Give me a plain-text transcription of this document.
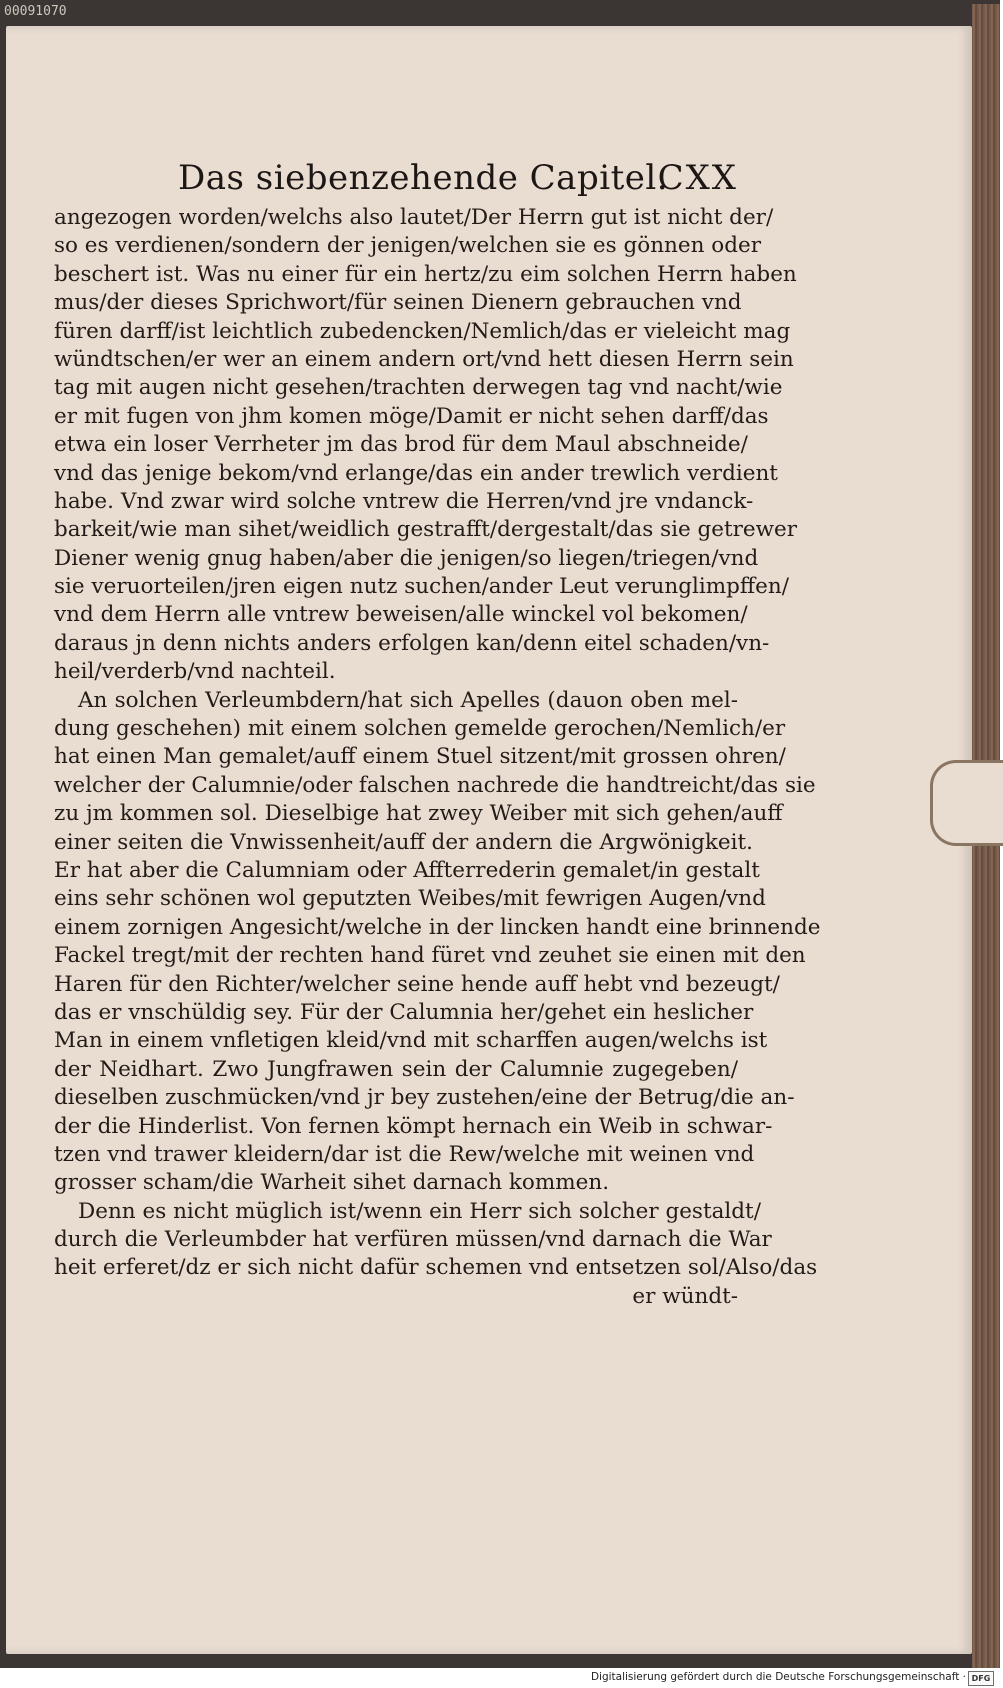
Das siebenzehende Capitel.
CXX
angezogen worden/welchs also lautet/Der Herrn gut ist nicht der/
so es verdienen/sondern der jenigen/welchen sie es gönnen oder
beschert ist. Was nu einer für ein hertz/zu eim solchen Herrn haben
mus/der dieses Sprichwort/für seinen Dienern gebrauchen vnd
füren darff/ist leichtlich zubedencken/Nemlich/das er vieleicht mag
wündtschen/er wer an einem andern ort/vnd hett diesen Herrn sein
tag mit augen nicht gesehen/trachten derwegen tag vnd nacht/wie
er mit fugen von jhm komen möge/Damit er nicht sehen darff/das
etwa ein loser Verrheter jm das brod für dem Maul abschneide/
vnd das jenige bekom/vnd erlange/das ein ander trewlich verdient
habe. Vnd zwar wird solche vntrew die Herren/vnd jre vndanck-
barkeit/wie man sihet/weidlich gestrafft/dergestalt/das sie getrewer
Diener wenig gnug haben/aber die jenigen/so liegen/triegen/vnd
sie veruorteilen/jren eigen nutz suchen/ander Leut verunglimpffen/
vnd dem Herrn alle vntrew beweisen/alle winckel vol bekomen/
daraus jn denn nichts anders erfolgen kan/denn eitel schaden/vn-
heil/verderb/vnd nachteil.
An solchen Verleumbdern/hat sich Apelles (dauon oben mel-
dung geschehen) mit einem solchen gemelde gerochen/Nemlich/er
hat einen Man gemalet/auff einem Stuel sitzent/mit grossen ohren/
welcher der Calumnie/oder falschen nachrede die handtreicht/das sie
zu jm kommen sol. Dieselbige hat zwey Weiber mit sich gehen/auff
einer seiten die Vnwissenheit/auff der andern die Argwönigkeit.
Er hat aber die Calumniam oder Affterrederin gemalet/in gestalt
eins sehr schönen wol geputzten Weibes/mit fewrigen Augen/vnd
einem zornigen Angesicht/welche in der lincken handt eine brinnende
Fackel tregt/mit der rechten hand füret vnd zeuhet sie einen mit den
Haren für den Richter/welcher seine hende auff hebt vnd bezeugt/
das er vnschüldig sey. Für der Calumnia her/gehet ein heslicher
Man in einem vnfletigen kleid/vnd mit scharffen augen/welchs ist
der Neidhart. Zwo Jungfrawen sein der Calumnie zugegeben/
dieselben zuschmücken/vnd jr bey zustehen/eine der Betrug/die an-
der die Hinderlist. Von fernen kömpt hernach ein Weib in schwar-
tzen vnd trawer kleidern/dar ist die Rew/welche mit weinen vnd
grosser scham/die Warheit sihet darnach kommen.
Denn es nicht müglich ist/wenn ein Herr sich solcher gestaldt/
durch die Verleumbder hat verfüren müssen/vnd darnach die War
heit erferet/dz er sich nicht dafür schemen vnd entsetzen sol/Also/das
er wündt-
00091070
Digitalisierung gefördert durch die Deutsche Forschungsgemeinschaft · DFG
